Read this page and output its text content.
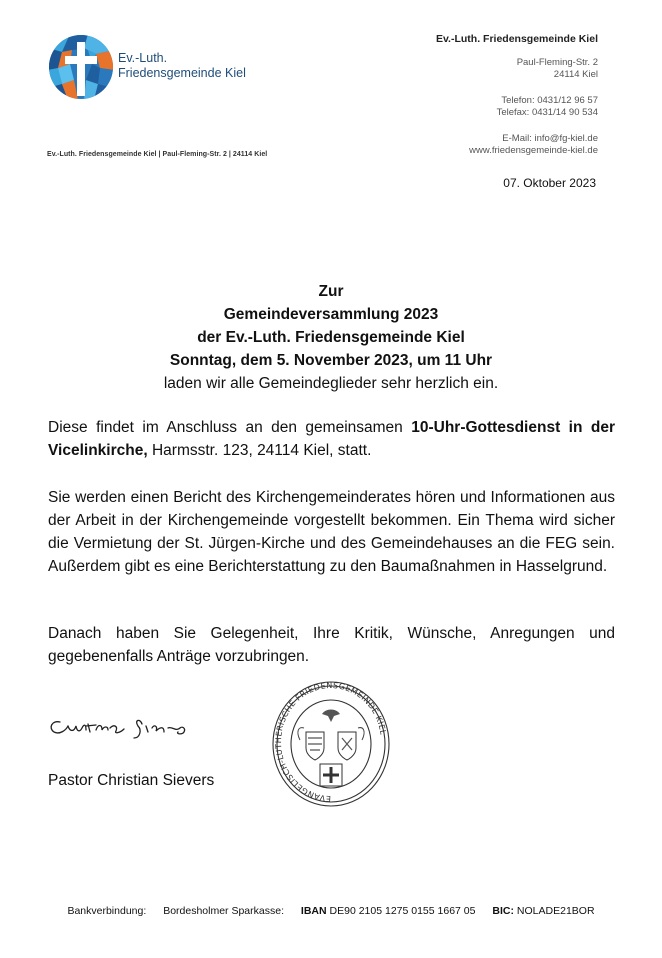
Ev.-Luth.
Friedensgemeinde Kiel
Ev.-Luth. Friedensgemeinde Kiel
Paul-Fleming-Str. 2
24114 Kiel
Telefon: 0431/12 96 57
Telefax: 0431/14 90 534
E-Mail: info@fg-kiel.de
www.friedensgemeinde-kiel.de
Ev.-Luth. Friedensgemeinde Kiel | Paul-Fleming-Str. 2 | 24114 Kiel
07. Oktober 2023
Zur
Gemeindeversammlung 2023
der Ev.-Luth. Friedensgemeinde Kiel
Sonntag, dem 5. November 2023, um 11 Uhr
laden wir alle Gemeindeglieder sehr herzlich ein.
Diese findet im Anschluss an den gemeinsamen 10-Uhr-Gottesdienst in der Vicelinkirche, Harmsstr. 123, 24114 Kiel, statt.
Sie werden einen Bericht des Kirchengemeinderates hören und Informationen aus der Arbeit in der Kirchengemeinde vorgestellt bekommen. Ein Thema wird sicher die Vermietung der St. Jürgen-Kirche und des Gemeindehauses an die FEG sein. Außerdem gibt es eine Berichterstattung zu den Baumaßnahmen in Hasselgrund.
Danach haben Sie Gelegenheit, Ihre Kritik, Wünsche, Anregungen und gegebenenfalls Anträge vorzubringen.
Pastor Christian Sievers
EVANGELISCH-LUTHERISCHE FRIEDENSGEMEINDE KIEL
Bankverbindung: Bordesholmer Sparkasse: IBAN DE90 2105 1275 0155 1667 05 BIC: NOLADE21BOR
